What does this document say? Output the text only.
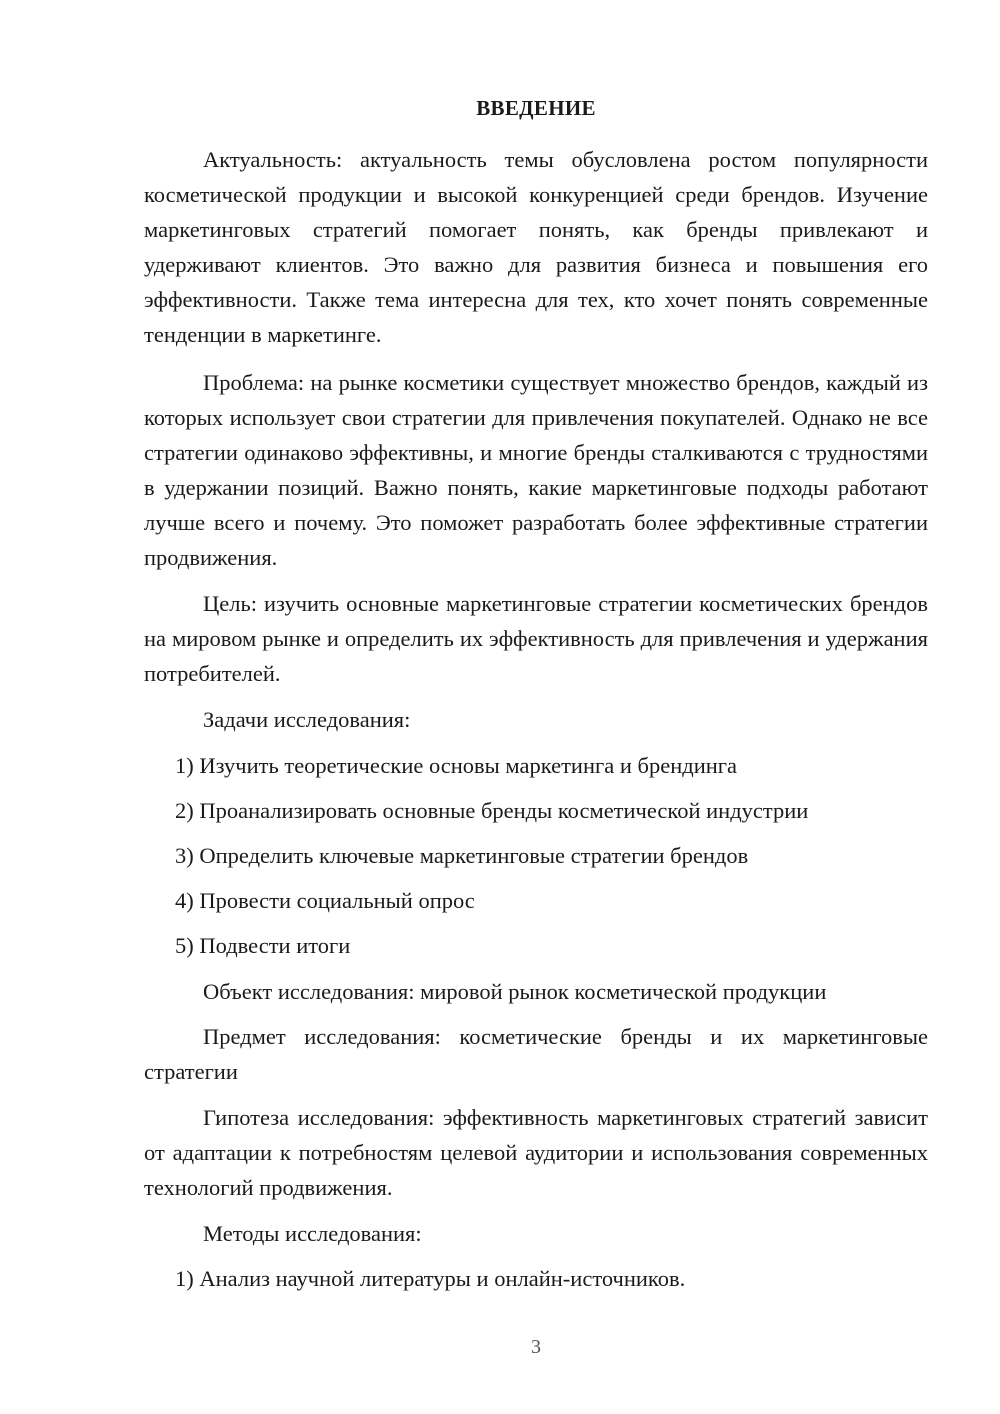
ВВЕДЕНИЕ

Актуальность: актуальность темы обусловлена ростом популярности косметической продукции и высокой конкуренцией среди брендов. Изучение маркетинговых стратегий помогает понять, как бренды привлекают и удерживают клиентов. Это важно для развития бизнеса и повышения его эффективности. Также тема интересна для тех, кто хочет понять современные тенденции в маркетинге.

Проблема: на рынке косметики существует множество брендов, каждый из которых использует свои стратегии для привлечения покупателей. Однако не все стратегии одинаково эффективны, и многие бренды сталкиваются с трудностями в удержании позиций. Важно понять, какие маркетинговые подходы работают лучше всего и почему. Это поможет разработать более эффективные стратегии продвижения.

Цель: изучить основные маркетинговые стратегии косметических брендов на мировом рынке и определить их эффективность для привлечения и удержания потребителей.

Задачи исследования:

1) Изучить теоретические основы маркетинга и брендинга

2) Проанализировать основные бренды косметической индустрии

3) Определить ключевые маркетинговые стратегии брендов

4) Провести социальный опрос

5) Подвести итоги

Объект исследования: мировой рынок косметической продукции

Предмет исследования: косметические бренды и их маркетинговые стратегии

Гипотеза исследования: эффективность маркетинговых стратегий зависит от адаптации к потребностям целевой аудитории и использования современных технологий продвижения.

Методы исследования:

1) Анализ научной литературы и онлайн-источников.

3
